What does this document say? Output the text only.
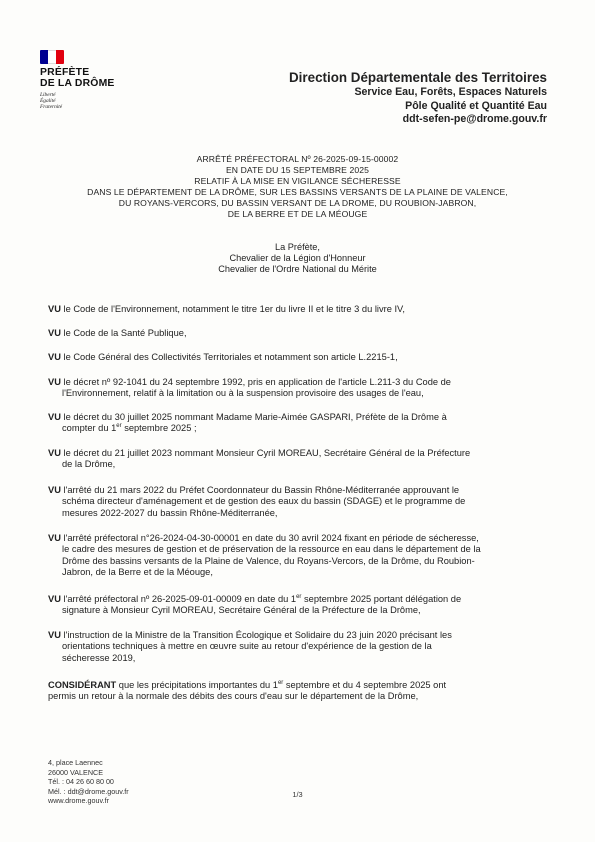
PRÉFÈTE
DE LA DRÔME
Liberté
Égalité
Fraternité
Direction Départementale des Territoires
Service Eau, Forêts, Espaces Naturels
Pôle Qualité et Quantité Eau
ddt-sefen-pe@drome.gouv.fr
ARRÊTÉ PRÉFECTORAL Nº 26-2025-09-15-00002
EN DATE DU 15 SEPTEMBRE 2025
RELATIF À LA MISE EN VIGILANCE SÉCHERESSE
DANS LE DÉPARTEMENT DE LA DRÔME, SUR LES BASSINS VERSANTS DE LA PLAINE DE VALENCE,
DU ROYANS-VERCORS, DU BASSIN VERSANT DE LA DROME, DU ROUBION-JABRON,
DE LA BERRE ET DE LA MÉOUGE
La Préfète,
Chevalier de la Légion d'Honneur
Chevalier de l'Ordre National du Mérite
VU le Code de l'Environnement, notamment le titre 1er du livre II et le titre 3 du livre IV,
VU le Code de la Santé Publique,
VU le Code Général des Collectivités Territoriales et notamment son article L.2215-1,
VU le décret nº 92-1041 du 24 septembre 1992, pris en application de l'article L.211-3 du Code de
l'Environnement, relatif à la limitation ou à la suspension provisoire des usages de l'eau,
VU le décret du 30 juillet 2025 nommant Madame Marie-Aimée GASPARI, Préfète de la Drôme à
compter du 1er septembre 2025 ;
VU le décret du 21 juillet 2023 nommant Monsieur Cyril MOREAU, Secrétaire Général de la Préfecture
de la Drôme,
VU l'arrêté du 21 mars 2022 du Préfet Coordonnateur du Bassin Rhône-Méditerranée approuvant le
schéma directeur d'aménagement et de gestion des eaux du bassin (SDAGE) et le programme de
mesures 2022-2027 du bassin Rhône-Méditerranée,
VU l'arrêté préfectoral n°26-2024-04-30-00001 en date du 30 avril 2024 fixant en période de sécheresse,
le cadre des mesures de gestion et de préservation de la ressource en eau dans le département de la
Drôme des bassins versants de la Plaine de Valence, du Royans-Vercors, de la Drôme, du Roubion-
Jabron, de la Berre et de la Méouge,
VU l'arrêté préfectoral nº 26-2025-09-01-00009 en date du 1er septembre 2025 portant délégation de
signature à Monsieur Cyril MOREAU, Secrétaire Général de la Préfecture de la Drôme,
VU l'instruction de la Ministre de la Transition Écologique et Solidaire du 23 juin 2020 précisant les
orientations techniques à mettre en œuvre suite au retour d'expérience de la gestion de la
sécheresse 2019,
CONSIDÉRANT que les précipitations importantes du 1er septembre et du 4 septembre 2025 ont
permis un retour à la normale des débits des cours d'eau sur le département de la Drôme,
4, place Laennec
26000 VALENCE
Tél. : 04 26 60 80 00
Mél. : ddt@drome.gouv.fr
www.drome.gouv.fr
1/3
